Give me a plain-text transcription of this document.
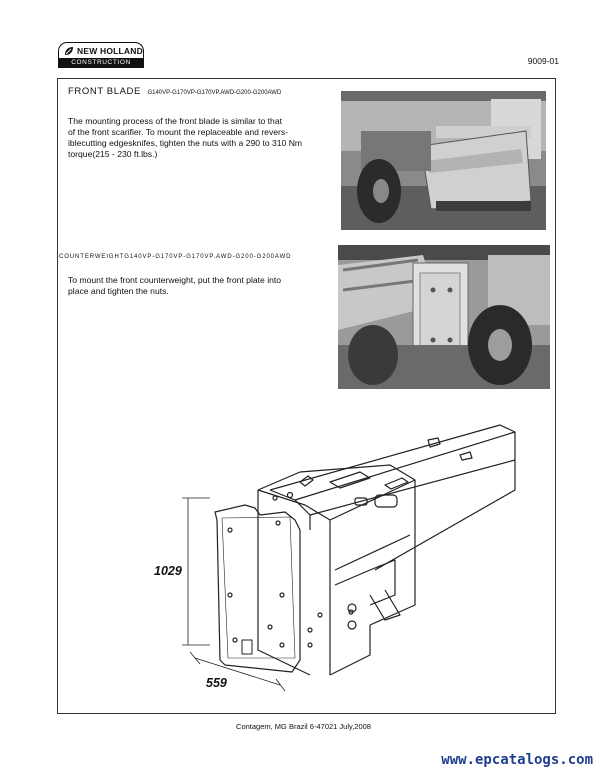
NEW HOLLAND
CONSTRUCTION	9009-01
FRONT BLADE G140VP-G170VP-G170VP.AWD-G200-G200AWD
The mounting process of the front blade is similar to that
of the front scarifier. To mount the replaceable and revers-
iblecutting edgesknifes, tighten the nuts with a 290 to 310 Nm
torque(215 - 230 ft.lbs.)
COUNTERWEIGHTG140VP-G170VP-G170VP.AWD-G200-G200AWD
To mount the front counterweight, put the front plate into
place and tighten the nuts.
1029
559
Contagem, MG Brazil 6-47021 July,2008
www.epcatalogs.com
